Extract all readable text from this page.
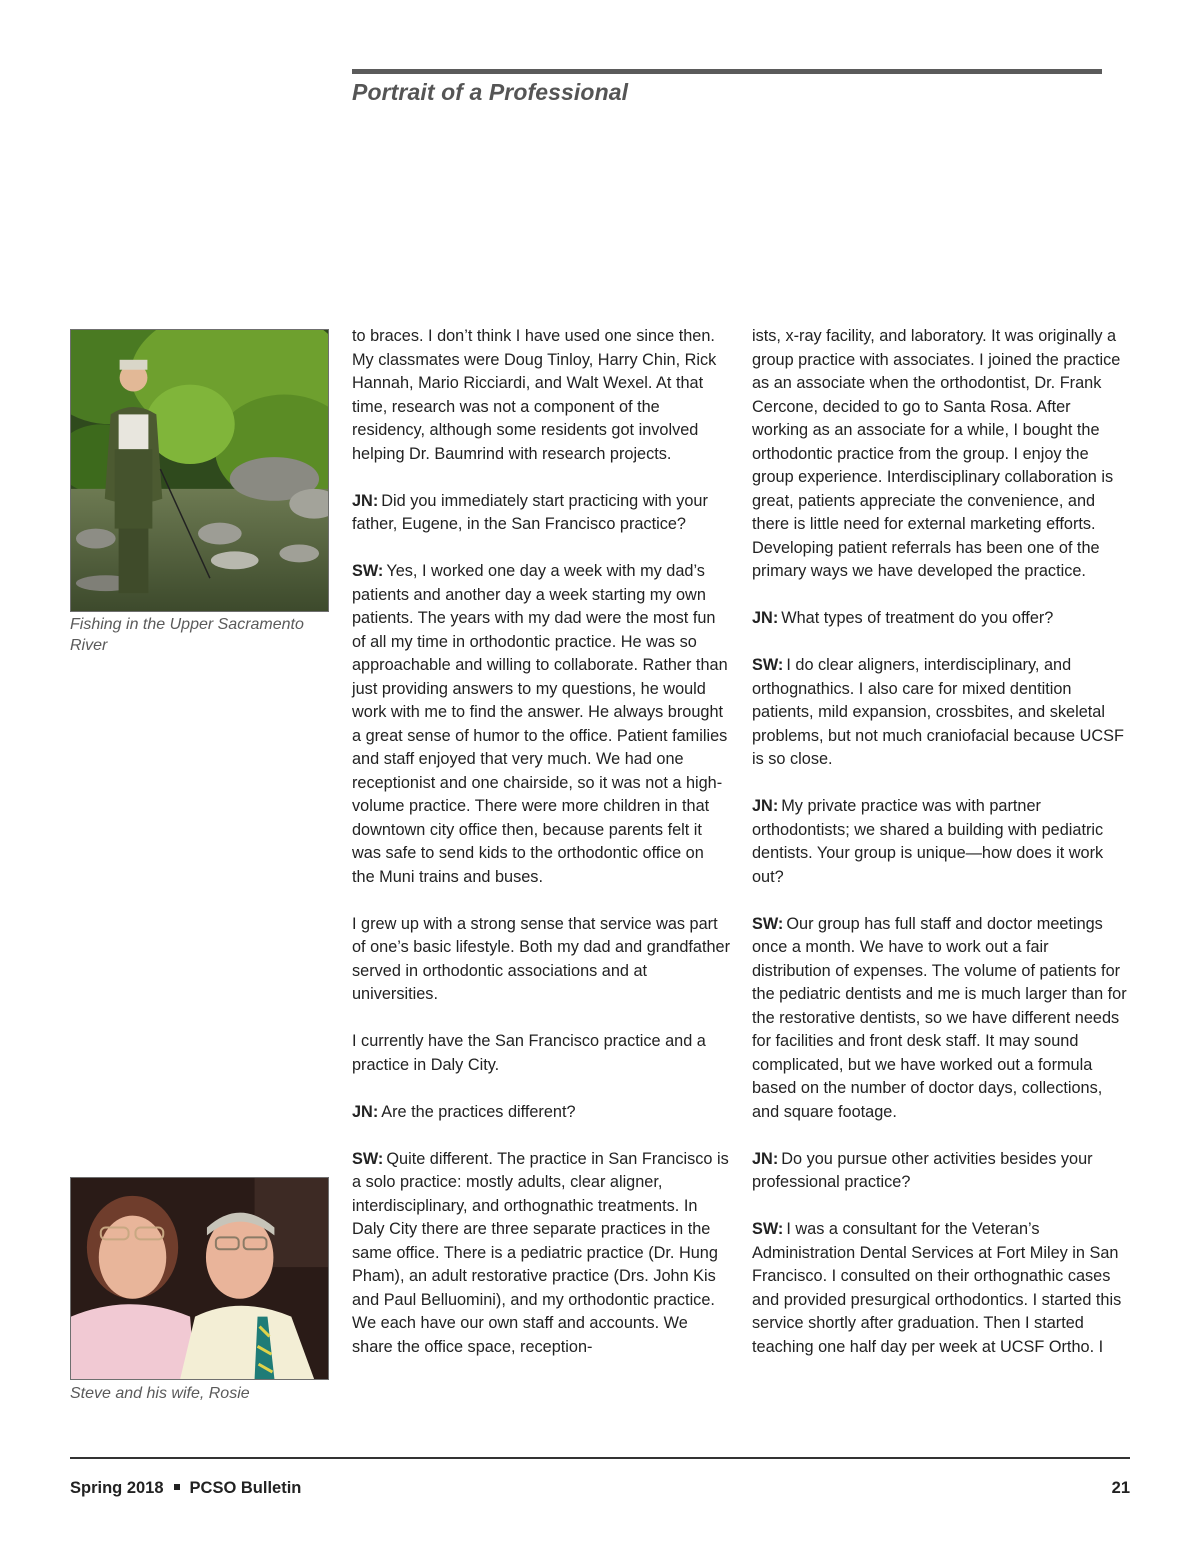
Portrait of a Professional

Fishing in the Upper Sacramento River

Steve and his wife, Rosie

to braces. I don’t think I have used one since then. My classmates were Doug Tinloy, Harry Chin, Rick Hannah, Mario Ricciardi, and Walt Wexel. At that time, research was not a component of the residency, although some residents got involved helping Dr. Baumrind with research projects.

JN: Did you immediately start practicing with your father, Eugene, in the San Francisco practice?

SW: Yes, I worked one day a week with my dad’s patients and another day a week starting my own patients. The years with my dad were the most fun of all my time in orthodontic practice. He was so approachable and willing to collaborate. Rather than just providing answers to my questions, he would work with me to find the answer. He always brought a great sense of humor to the office. Patient families and staff enjoyed that very much. We had one receptionist and one chairside, so it was not a high-volume practice. There were more children in that downtown city office then, because parents felt it was safe to send kids to the orthodontic office on the Muni trains and buses.

I grew up with a strong sense that service was part of one’s basic lifestyle. Both my dad and grandfather served in orthodontic associations and at universities.

I currently have the San Francisco practice and a practice in Daly City.

JN: Are the practices different?

SW: Quite different. The practice in San Francisco is a solo practice: mostly adults, clear aligner, interdisciplinary, and orthognathic treatments. In Daly City there are three separate practices in the same office. There is a pediatric practice (Dr. Hung Pham), an adult restorative practice (Drs. John Kis and Paul Belluomini), and my orthodontic practice. We each have our own staff and accounts. We share the office space, reception-

ists, x-ray facility, and laboratory. It was originally a group practice with associates. I joined the practice as an associate when the orthodontist, Dr. Frank Cercone, decided to go to Santa Rosa. After working as an associate for a while, I bought the orthodontic practice from the group. I enjoy the group experience. Interdisciplinary collaboration is great, patients appreciate the convenience, and there is little need for external marketing efforts. Developing patient referrals has been one of the primary ways we have developed the practice.

JN: What types of treatment do you offer?

SW: I do clear aligners, interdisciplinary, and orthognathics. I also care for mixed dentition patients, mild expansion, crossbites, and skeletal problems, but not much craniofacial because UCSF is so close.

JN: My private practice was with partner orthodontists; we shared a building with pediatric dentists. Your group is unique—how does it work out?

SW: Our group has full staff and doctor meetings once a month. We have to work out a fair distribution of expenses. The volume of patients for the pediatric dentists and me is much larger than for the restorative dentists, so we have different needs for facilities and front desk staff. It may sound complicated, but we have worked out a formula based on the number of doctor days, collections, and square footage.

JN: Do you pursue other activities besides your professional practice?

SW: I was a consultant for the Veteran’s Administration Dental Services at Fort Miley in San Francisco. I consulted on their orthognathic cases and provided presurgical orthodontics. I started this service shortly after graduation. Then I started teaching one half day per week at UCSF Ortho. I

Spring 2018 PCSO Bulletin	21
